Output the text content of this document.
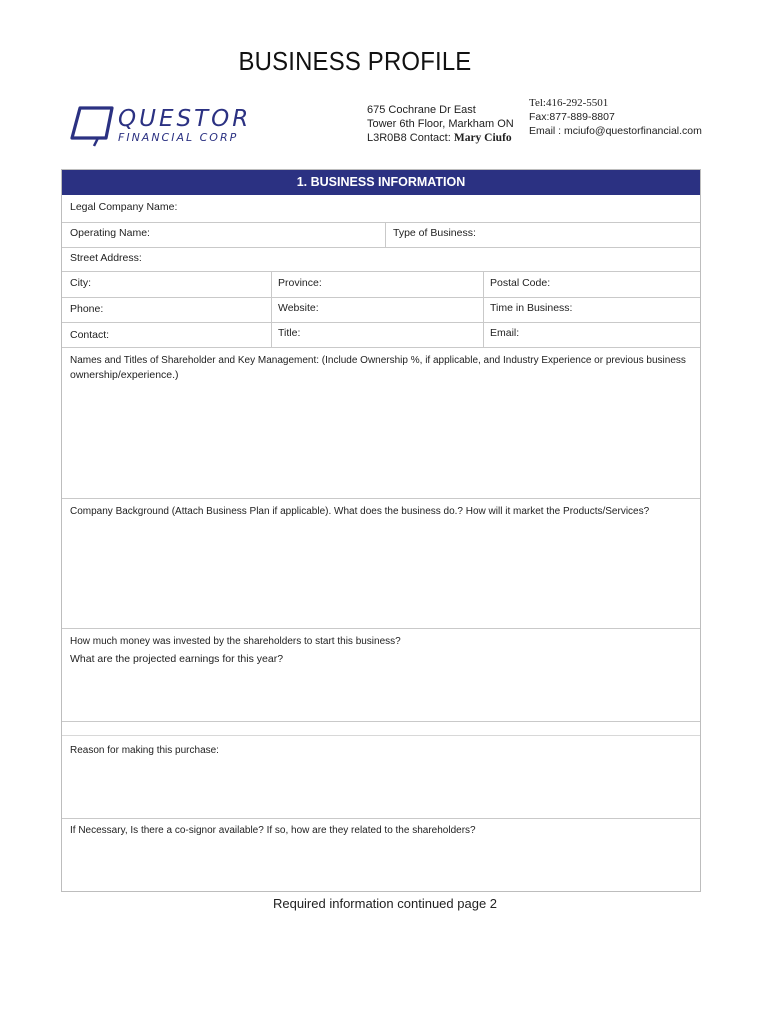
BUSINESS PROFILE
QUESTOR
FINANCIAL CORP
675 Cochrane Dr East
Tower 6th Floor, Markham ON
L3R0B8 Contact: Mary Ciufo
Tel:416-292-5501
Fax:877-889-8807
Email : mciufo@questorfinancial.com
1. BUSINESS INFORMATION
Legal Company Name:
Operating Name:	Type of Business:
Street Address:
City:	Province:	Postal Code:
Phone:	Website:	Time in Business:
Contact:	Title:	Email:
Names and Titles of Shareholder and Key Management: (Include Ownership %, if applicable, and Industry Experience or previous business
ownership/experience.)
Company Background (Attach Business Plan if applicable). What does the business do.? How will it market the Products/Services?
How much money was invested by the shareholders to start this business?
What are the projected earnings for this year?
Reason for making this purchase:
If Necessary, Is there a co-signor available? If so, how are they related to the shareholders?
Required information continued page 2
